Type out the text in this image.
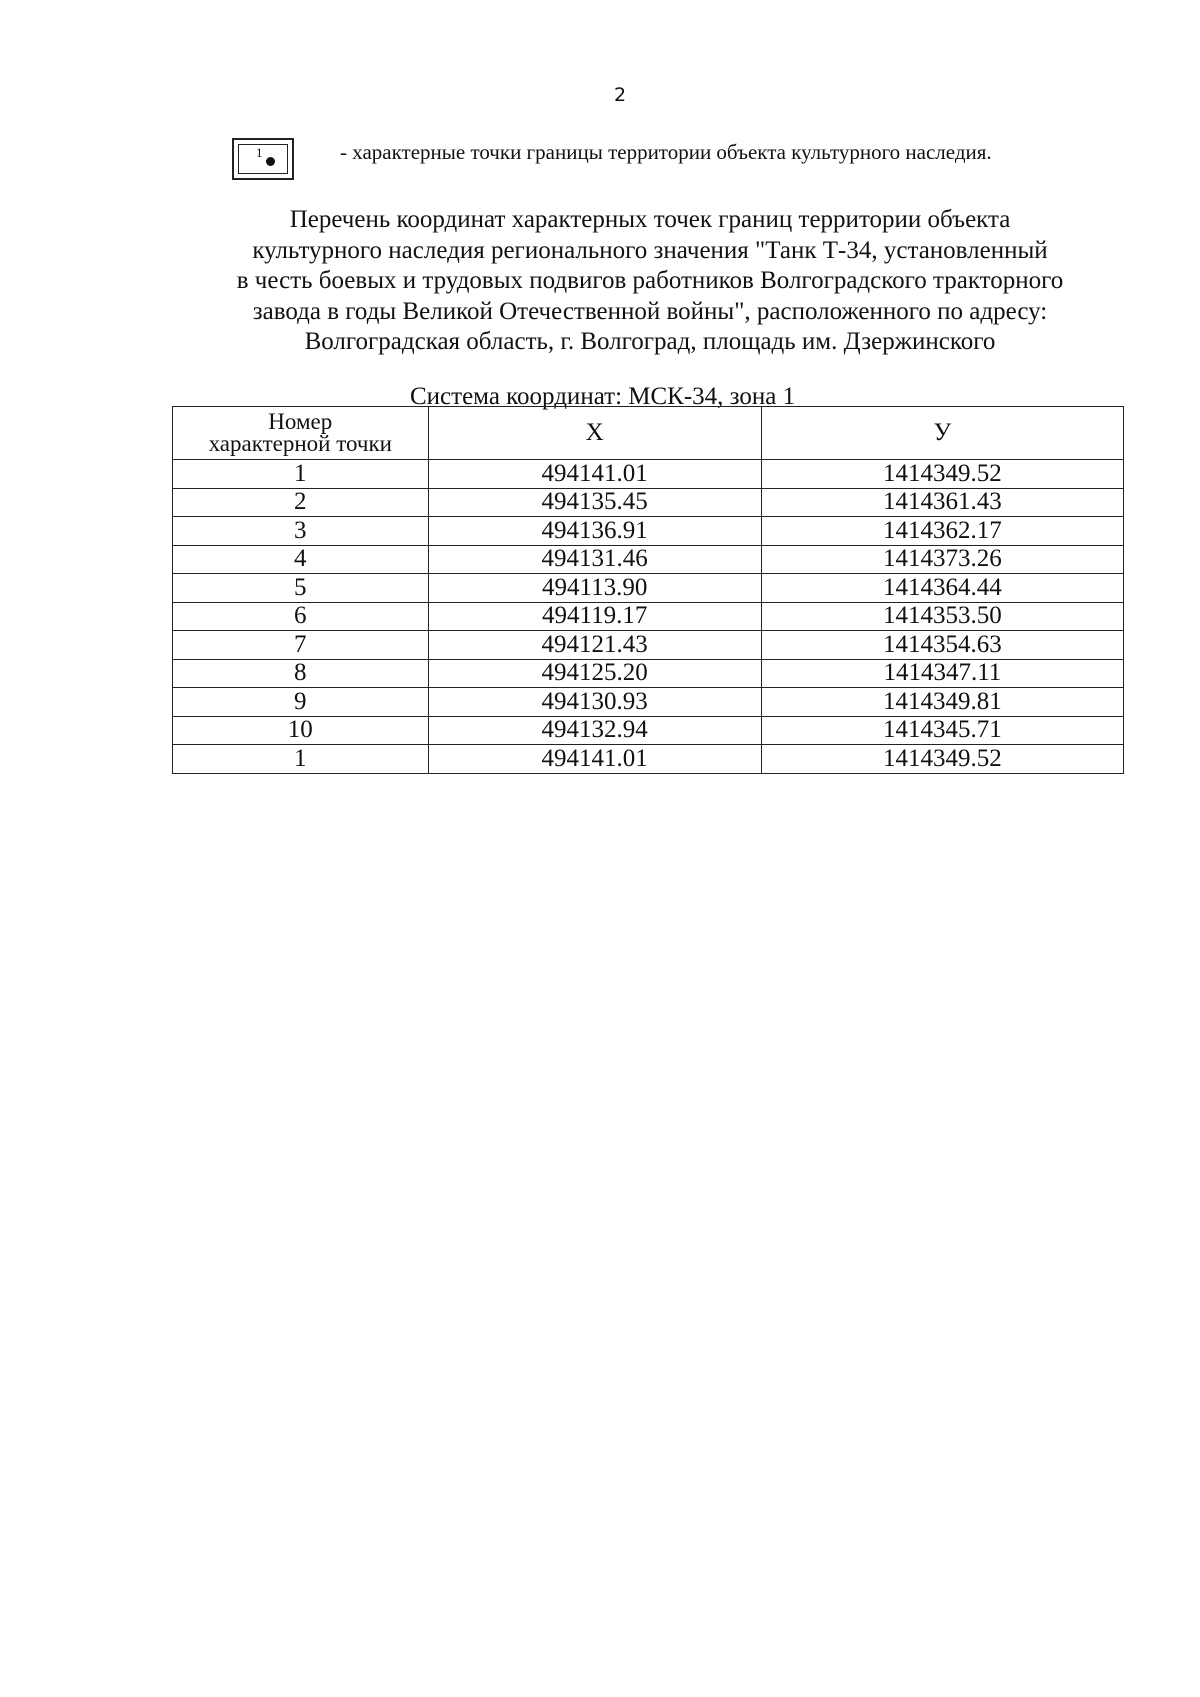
2
1	- характерные точки границы территории объекта культурного наследия.
Перечень координат характерных точек границ территории объекта
культурного наследия регионального значения "Танк Т-34, установленный
в честь боевых и трудовых подвигов работников Волгоградского тракторного
завода в годы Великой Отечественной войны", расположенного по адресу:
Волгоградская область, г. Волгоград, площадь им. Дзержинского
Система координат: МСК-34, зона 1
Номер
характерной точки	Х	У
1	494141.01	1414349.52
2	494135.45	1414361.43
3	494136.91	1414362.17
4	494131.46	1414373.26
5	494113.90	1414364.44
6	494119.17	1414353.50
7	494121.43	1414354.63
8	494125.20	1414347.11
9	494130.93	1414349.81
10	494132.94	1414345.71
1	494141.01	1414349.52
